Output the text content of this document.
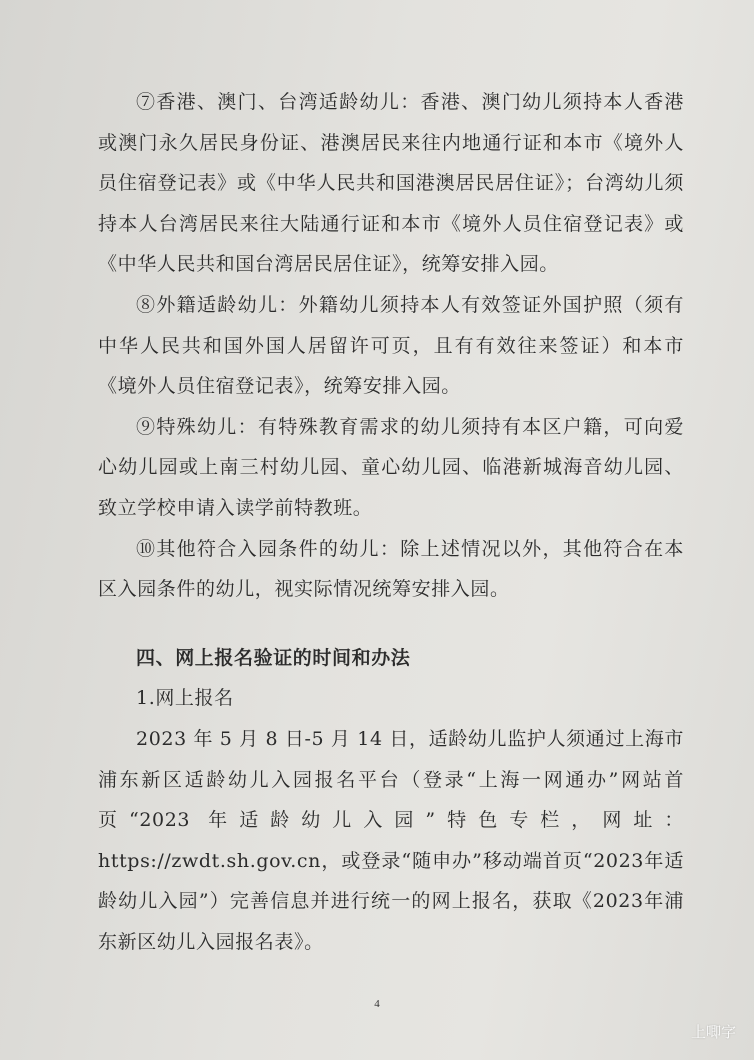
⑦香港、澳门、台湾适龄幼儿：香港、澳门幼儿须持本人香港或澳门永久居民身份证、港澳居民来往内地通行证和本市《境外人员住宿登记表》或《中华人民共和国港澳居民居住证》；台湾幼儿须持本人台湾居民来往大陆通行证和本市《境外人员住宿登记表》或《中华人民共和国台湾居民居住证》，统筹安排入园。

⑧外籍适龄幼儿：外籍幼儿须持本人有效签证外国护照（须有中华人民共和国外国人居留许可页，且有有效往来签证）和本市《境外人员住宿登记表》，统筹安排入园。

⑨特殊幼儿：有特殊教育需求的幼儿须持有本区户籍，可向爱心幼儿园或上南三村幼儿园、童心幼儿园、临港新城海音幼儿园、致立学校申请入读学前特教班。

⑩其他符合入园条件的幼儿：除上述情况以外，其他符合在本区入园条件的幼儿，视实际情况统筹安排入园。

四、网上报名验证的时间和办法

1.网上报名

2023 年 5 月 8 日-5 月 14 日，适龄幼儿监护人须通过上海市浦东新区适龄幼儿入园报名平台（登录“上海一网通办”网站首页“2023 年适龄幼儿入园”特色专栏，网址：https://zwdt.sh.gov.cn，或登录“随申办”移动端首页“2023年适龄幼儿入园”）完善信息并进行统一的网上报名，获取《2023年浦东新区幼儿入园报名表》。

4
上唧字
